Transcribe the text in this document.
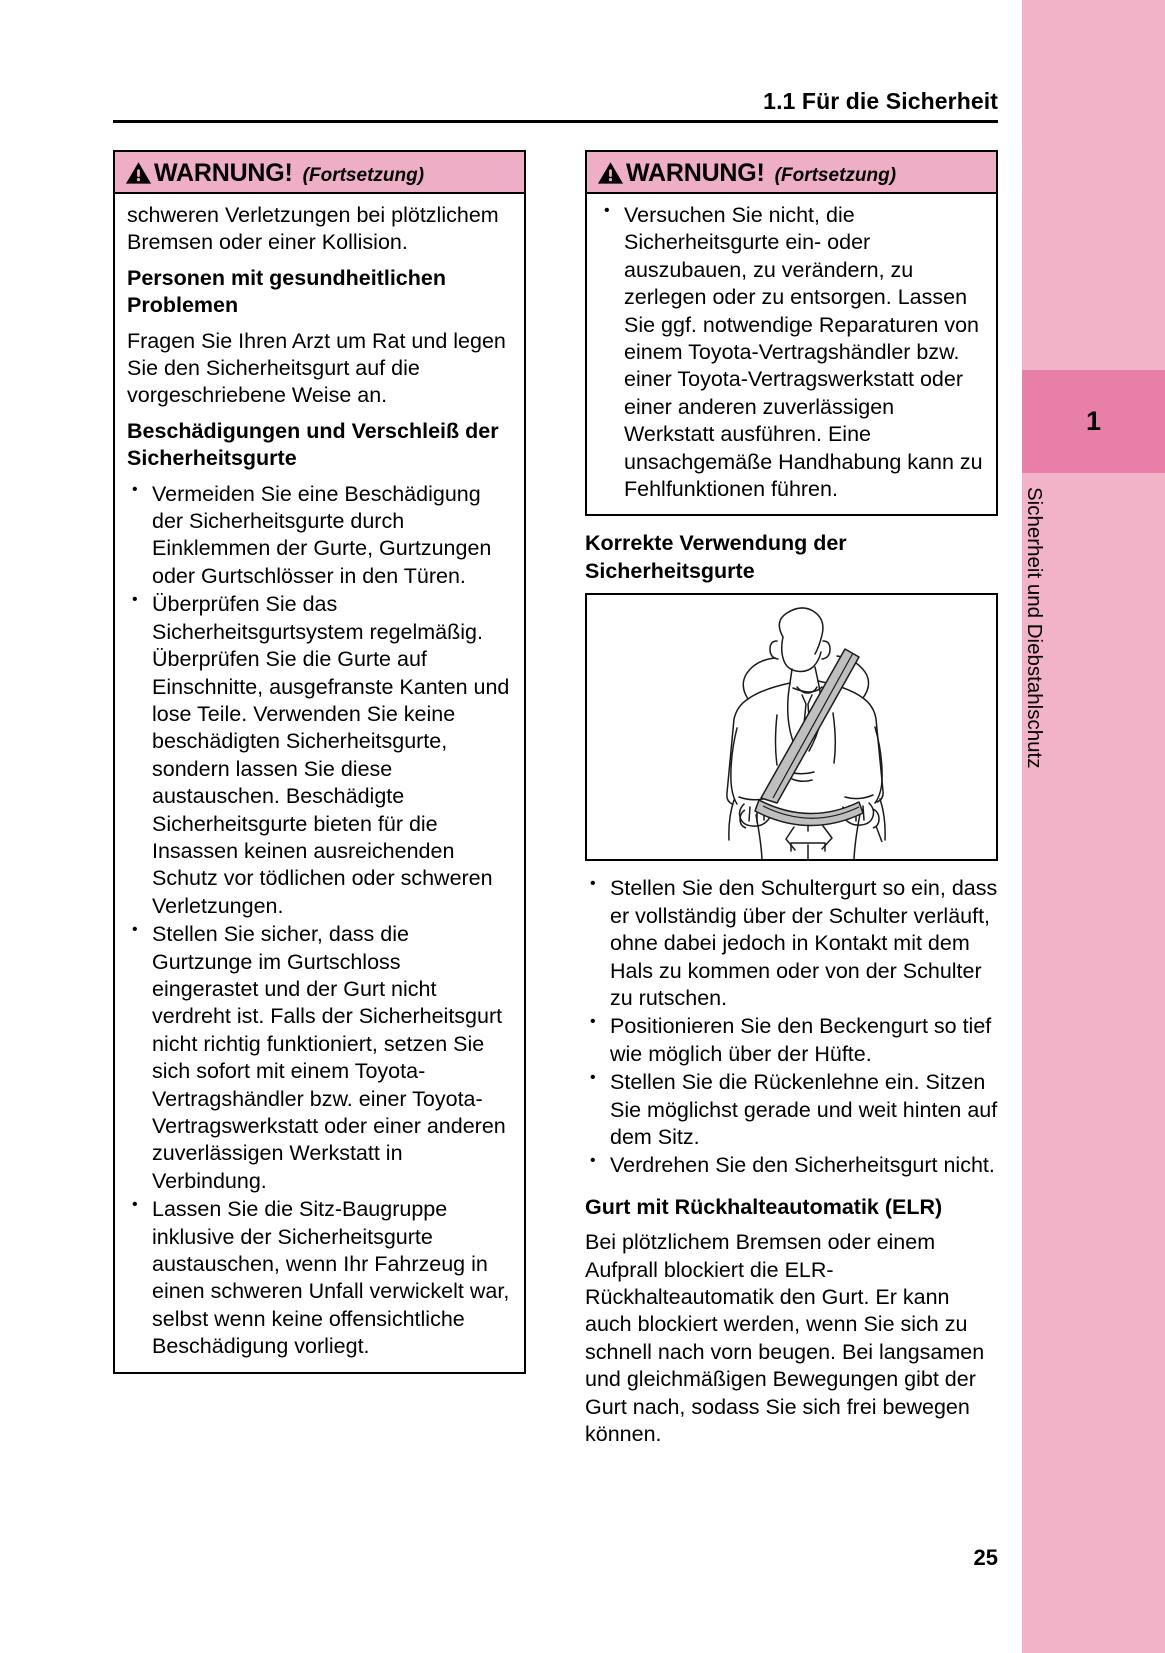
1.1 Für die Sicherheit
WARNUNG! (Fortsetzung)

schweren Verletzungen bei plötzlichem Bremsen oder einer Kollision.

Personen mit gesundheitlichen Problemen

Fragen Sie Ihren Arzt um Rat und legen Sie den Sicherheitsgurt auf die vorgeschriebene Weise an.

Beschädigungen und Verschleiß der Sicherheitsgurte

• Vermeiden Sie eine Beschädigung der Sicherheitsgurte durch Einklemmen der Gurte, Gurtzungen oder Gurtschlösser in den Türen.
• Überprüfen Sie das Sicherheitsgurtsystem regelmäßig. Überprüfen Sie die Gurte auf Einschnitte, ausgefranste Kanten und lose Teile. Verwenden Sie keine beschädigten Sicherheitsgurte, sondern lassen Sie diese austauschen. Beschädigte Sicherheitsgurte bieten für die Insassen keinen ausreichenden Schutz vor tödlichen oder schweren Verletzungen.
• Stellen Sie sicher, dass die Gurtzunge im Gurtschloss eingerastet und der Gurt nicht verdreht ist. Falls der Sicherheitsgurt nicht richtig funktioniert, setzen Sie sich sofort mit einem Toyota-Vertragshändler bzw. einer Toyota-Vertragswerkstatt oder einer anderen zuverlässigen Werkstatt in Verbindung.
• Lassen Sie die Sitz-Baugruppe inklusive der Sicherheitsgurte austauschen, wenn Ihr Fahrzeug in einen schweren Unfall verwickelt war, selbst wenn keine offensichtliche Beschädigung vorliegt.
WARNUNG! (Fortsetzung)
• Versuchen Sie nicht, die Sicherheitsgurte ein- oder auszubauen, zu verändern, zu zerlegen oder zu entsorgen. Lassen Sie ggf. notwendige Reparaturen von einem Toyota-Vertragshändler bzw. einer Toyota-Vertragswerkstatt oder einer anderen zuverlässigen Werkstatt ausführen. Eine unsachgemäße Handhabung kann zu Fehlfunktionen führen.

Korrekte Verwendung der Sicherheitsgurte

• Stellen Sie den Schultergurt so ein, dass er vollständig über der Schulter verläuft, ohne dabei jedoch in Kontakt mit dem Hals zu kommen oder von der Schulter zu rutschen.
• Positionieren Sie den Beckengurt so tief wie möglich über der Hüfte.
• Stellen Sie die Rückenlehne ein. Sitzen Sie möglichst gerade und weit hinten auf dem Sitz.
• Verdrehen Sie den Sicherheitsgurt nicht.

Gurt mit Rückhalteautomatik (ELR)

Bei plötzlichem Bremsen oder einem Aufprall blockiert die ELR-Rückhalteautomatik den Gurt. Er kann auch blockiert werden, wenn Sie sich zu schnell nach vorn beugen. Bei langsamen und gleichmäßigen Bewegungen gibt der Gurt nach, sodass Sie sich frei bewegen können.

25
1
Sicherheit und Diebstahlschutz
